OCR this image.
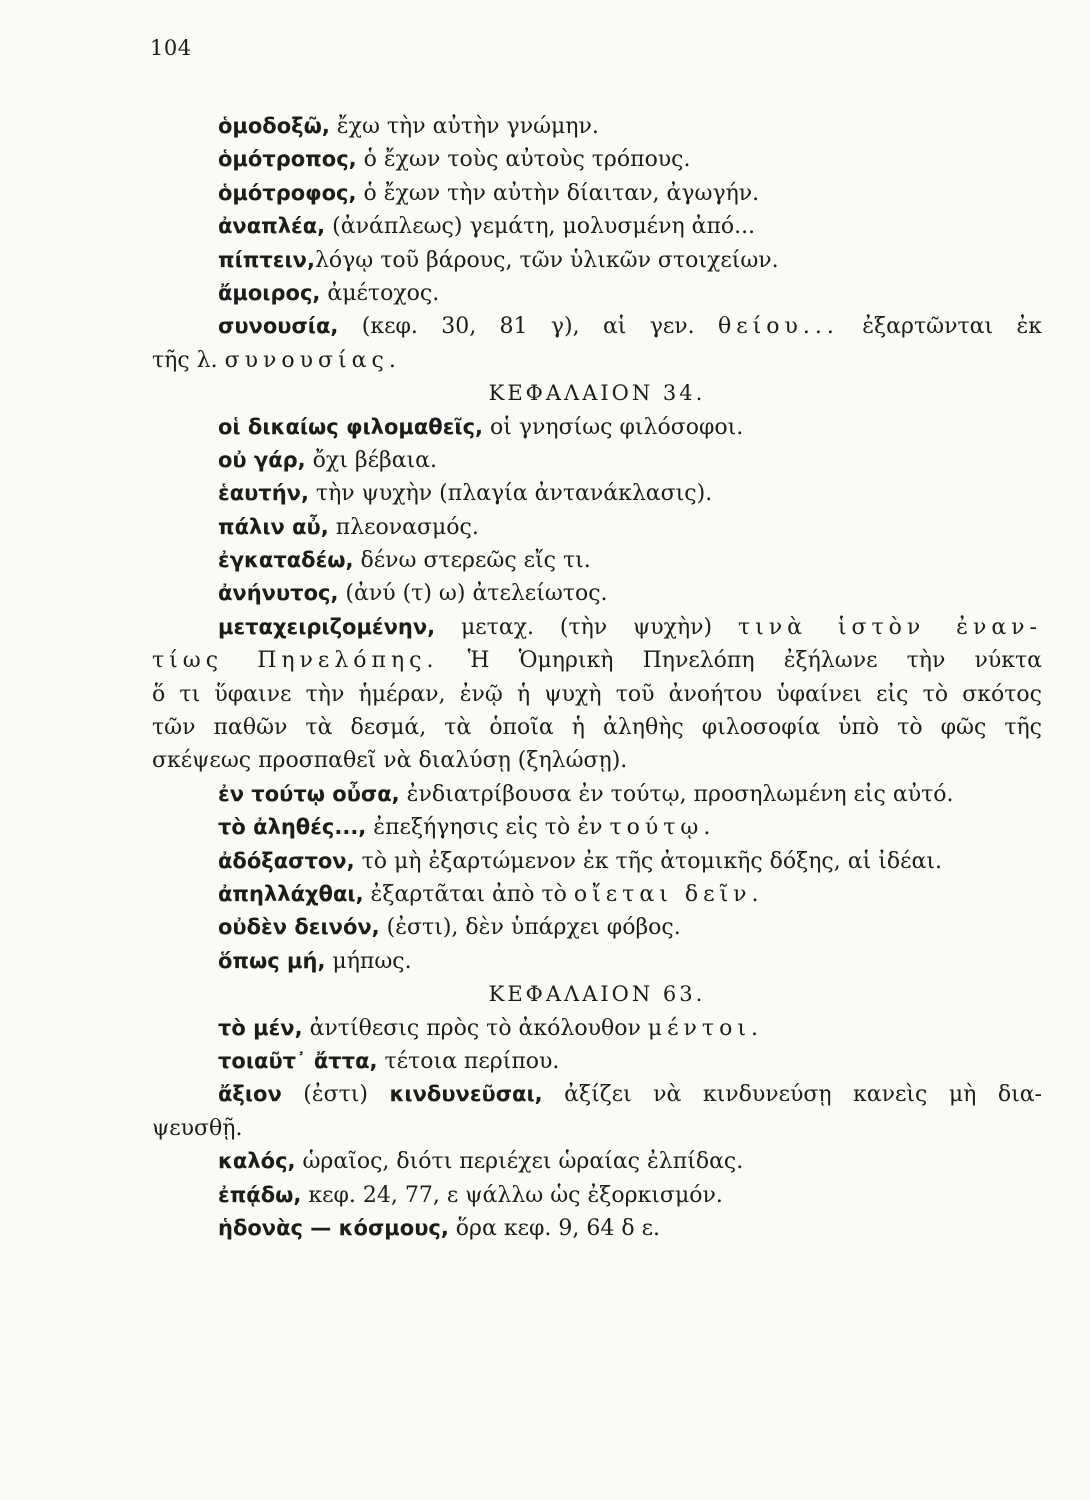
104
ὁμοδοξῶ, ἔχω τὴν αὐτὴν γνώμην.
ὁμότροπος, ὁ ἔχων τοὺς αὐτοὺς τρόπους.
ὁμότροφος, ὁ ἔχων τὴν αὐτὴν δίαιταν, ἀγωγήν.
ἀναπλέα, (ἀνάπλεως) γεμάτη, μολυσμένη ἀπό...
πίπτειν,λόγῳ τοῦ βάρους, τῶν ὑλικῶν στοιχείων.
ἄμοιρος, ἀμέτοχος.
συνουσία, (κεφ. 30, 81 γ), αἱ γεν. θείου... ἐξαρτῶνται ἐκ
τῆς λ. συνουσίας.
ΚΕΦΑΛΑΙΟΝ 34.
οἱ δικαίως φιλομαθεῖς, οἱ γνησίως φιλόσοφοι.
οὐ γάρ, ὄχι βέβαια.
ἑαυτήν, τὴν ψυχὴν (πλαγία ἀντανάκλασις).
πάλιν αὖ, πλεονασμός.
ἐγκαταδέω, δένω στερεῶς εἴς τι.
ἀνήνυτος, (ἀνύ (τ) ω) ἀτελείωτος.
μεταχειριζομένην, μεταχ. (τὴν ψυχὴν) τινὰ ἱστὸν ἐναν-
τίως Πηνελόπης. Ἡ Ὁμηρικὴ Πηνελόπη ἐξήλωνε τὴν νύκτα
ὅ τι ὕφαινε τὴν ἡμέραν, ἐνῷ ἡ ψυχὴ τοῦ ἀνοήτου ὑφαίνει εἰς τὸ σκότος
τῶν παθῶν τὰ δεσμά, τὰ ὁποῖα ἡ ἀληθὴς φιλοσοφία ὑπὸ τὸ φῶς τῆς
σκέψεως προσπαθεῖ νὰ διαλύσῃ (ξηλώσῃ).
ἐν τούτῳ οὖσα, ἐνδιατρίβουσα ἐν τούτῳ, προσηλωμένη εἰς αὐτό.
τὸ ἀληθές..., ἐπεξήγησις εἰς τὸ ἐν τούτῳ.
ἀδόξαστον, τὸ μὴ ἐξαρτώμενον ἐκ τῆς ἀτομικῆς δόξης, αἱ ἰδέαι.
ἀπηλλάχθαι, ἐξαρτᾶται ἀπὸ τὸ οἴεται δεῖν.
οὐδὲν δεινόν, (ἐστι), δὲν ὑπάρχει φόβος.
ὅπως μή, μήπως.
ΚΕΦΑΛΑΙΟΝ 63.
τὸ μέν, ἀντίθεσις πρὸς τὸ ἀκόλουθον μέντοι.
τοιαῦτ᾽ ἄττα, τέτοια περίπου.
ἄξιον (ἐστι) κινδυνεῦσαι, ἀξίζει νὰ κινδυνεύσῃ κανεὶς μὴ δια-
ψευσθῇ.
καλός, ὡραῖος, διότι περιέχει ὡραίας ἐλπίδας.
ἐπᾴδω, κεφ. 24, 77, ε ψάλλω ὡς ἐξορκισμόν.
ἡδονὰς — κόσμους, ὅρα κεφ. 9, 64 δ ε.
